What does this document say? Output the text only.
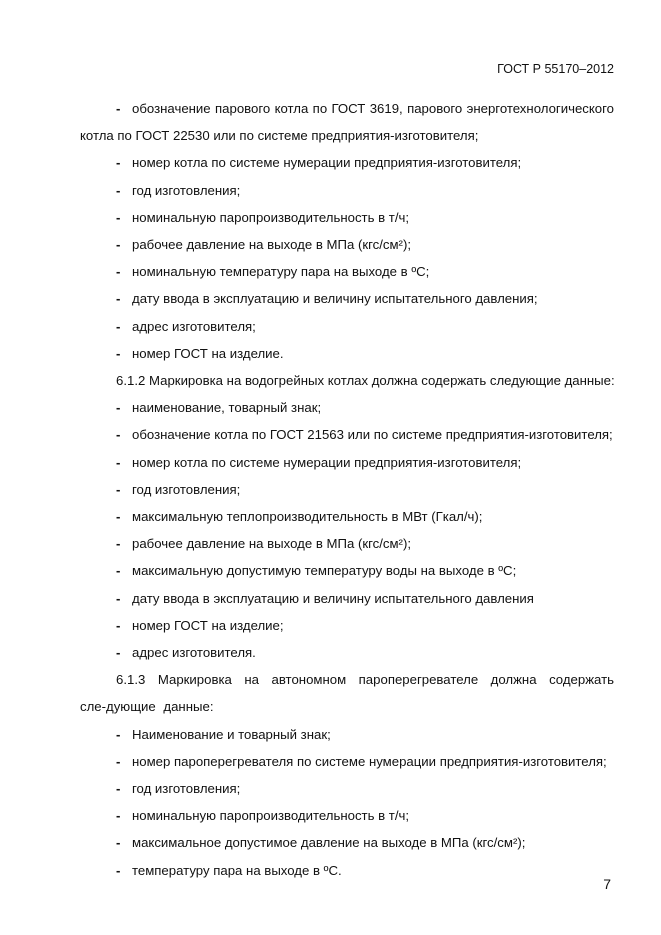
ГОСТ Р 55170–2012

- обозначение парового котла по ГОСТ 3619, парового энерготехнологического котла по ГОСТ 22530 или по системе предприятия-изготовителя;

- номер котла по системе нумерации предприятия-изготовителя;

- год изготовления;

- номинальную паропроизводительность в т/ч;

- рабочее давление на выходе в МПа (кгс/см²);

- номинальную температуру пара на выходе в ºС;

- дату ввода в эксплуатацию и величину испытательного давления;

- адрес изготовителя;

- номер ГОСТ на изделие.

6.1.2 Маркировка на водогрейных котлах должна содержать следующие данные:

- наименование, товарный знак;

- обозначение котла по ГОСТ 21563 или по системе предприятия-изготовителя;

- номер котла по системе нумерации предприятия-изготовителя;

- год изготовления;

- максимальную теплопроизводительность в МВт (Гкал/ч);

- рабочее давление на выходе в МПа (кгс/см²);

- максимальную допустимую температуру воды на выходе в ºС;

- дату ввода в эксплуатацию и величину испытательного давления

- номер ГОСТ на изделие;

- адрес изготовителя.

6.1.3 Маркировка на автономном пароперегревателе должна содержать сле-дующие данные:

- Наименование и товарный знак;

- номер пароперегревателя по системе нумерации предприятия-изготовителя;

- год изготовления;

- номинальную паропроизводительность в т/ч;

- максимальное допустимое давление на выходе в МПа (кгс/см²);

- температуру пара на выходе в ºС.

7
